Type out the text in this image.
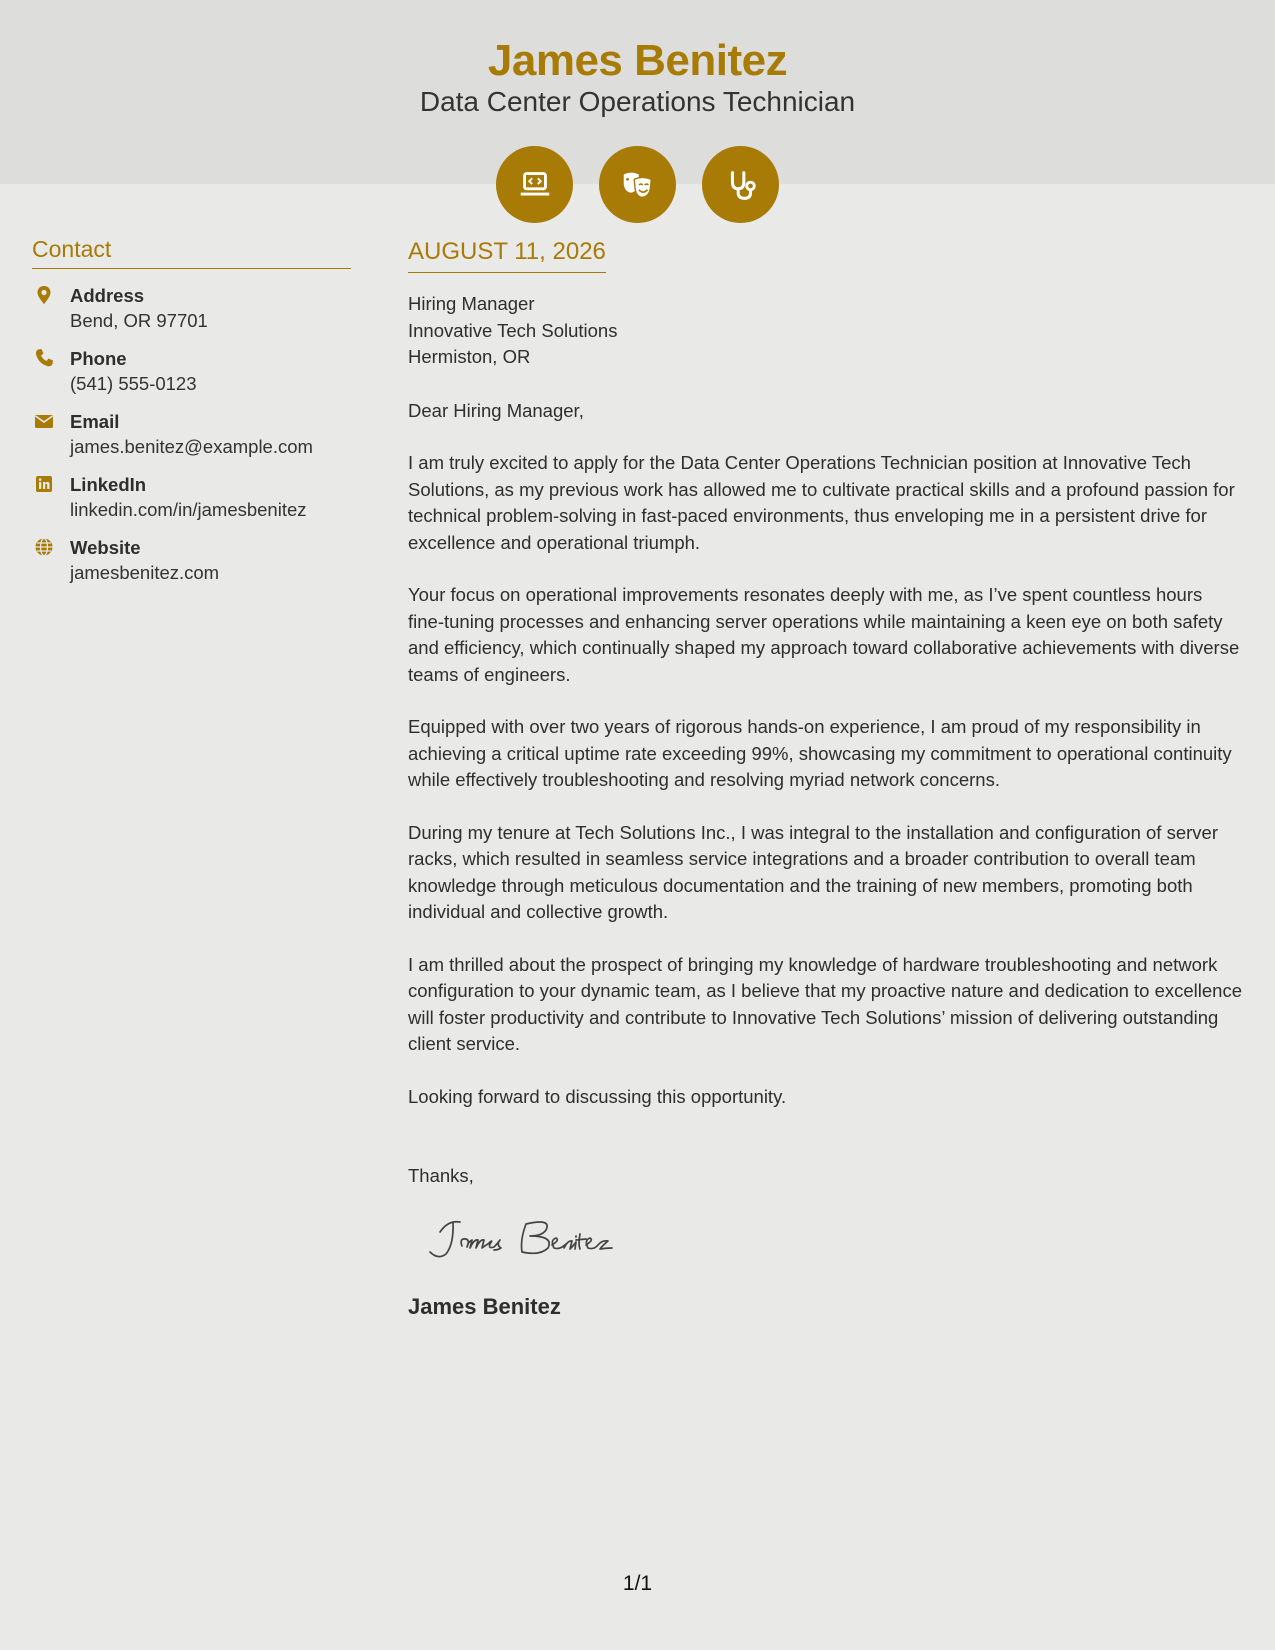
James Benitez
Data Center Operations Technician
Contact
Address
Bend, OR 97701
Phone
(541) 555-0123
Email
james.benitez@example.com
LinkedIn
linkedin.com/in/jamesbenitez
Website
jamesbenitez.com
AUGUST 11, 2026
Hiring Manager
Innovative Tech Solutions
Hermiston, OR
Dear Hiring Manager,
I am truly excited to apply for the Data Center Operations Technician position at Innovative Tech Solutions, as my previous work has allowed me to cultivate practical skills and a profound passion for technical problem-solving in fast-paced environments, thus enveloping me in a persistent drive for excellence and operational triumph.
Your focus on operational improvements resonates deeply with me, as I’ve spent countless hours fine-tuning processes and enhancing server operations while maintaining a keen eye on both safety and efficiency, which continually shaped my approach toward collaborative achievements with diverse teams of engineers.
Equipped with over two years of rigorous hands-on experience, I am proud of my responsibility in achieving a critical uptime rate exceeding 99%, showcasing my commitment to operational continuity while effectively troubleshooting and resolving myriad network concerns.
During my tenure at Tech Solutions Inc., I was integral to the installation and configuration of server racks, which resulted in seamless service integrations and a broader contribution to overall team knowledge through meticulous documentation and the training of new members, promoting both individual and collective growth.
I am thrilled about the prospect of bringing my knowledge of hardware troubleshooting and network configuration to your dynamic team, as I believe that my proactive nature and dedication to excellence will foster productivity and contribute to Innovative Tech Solutions’ mission of delivering outstanding client service.
Looking forward to discussing this opportunity.
Thanks,
James Benitez
1/1
